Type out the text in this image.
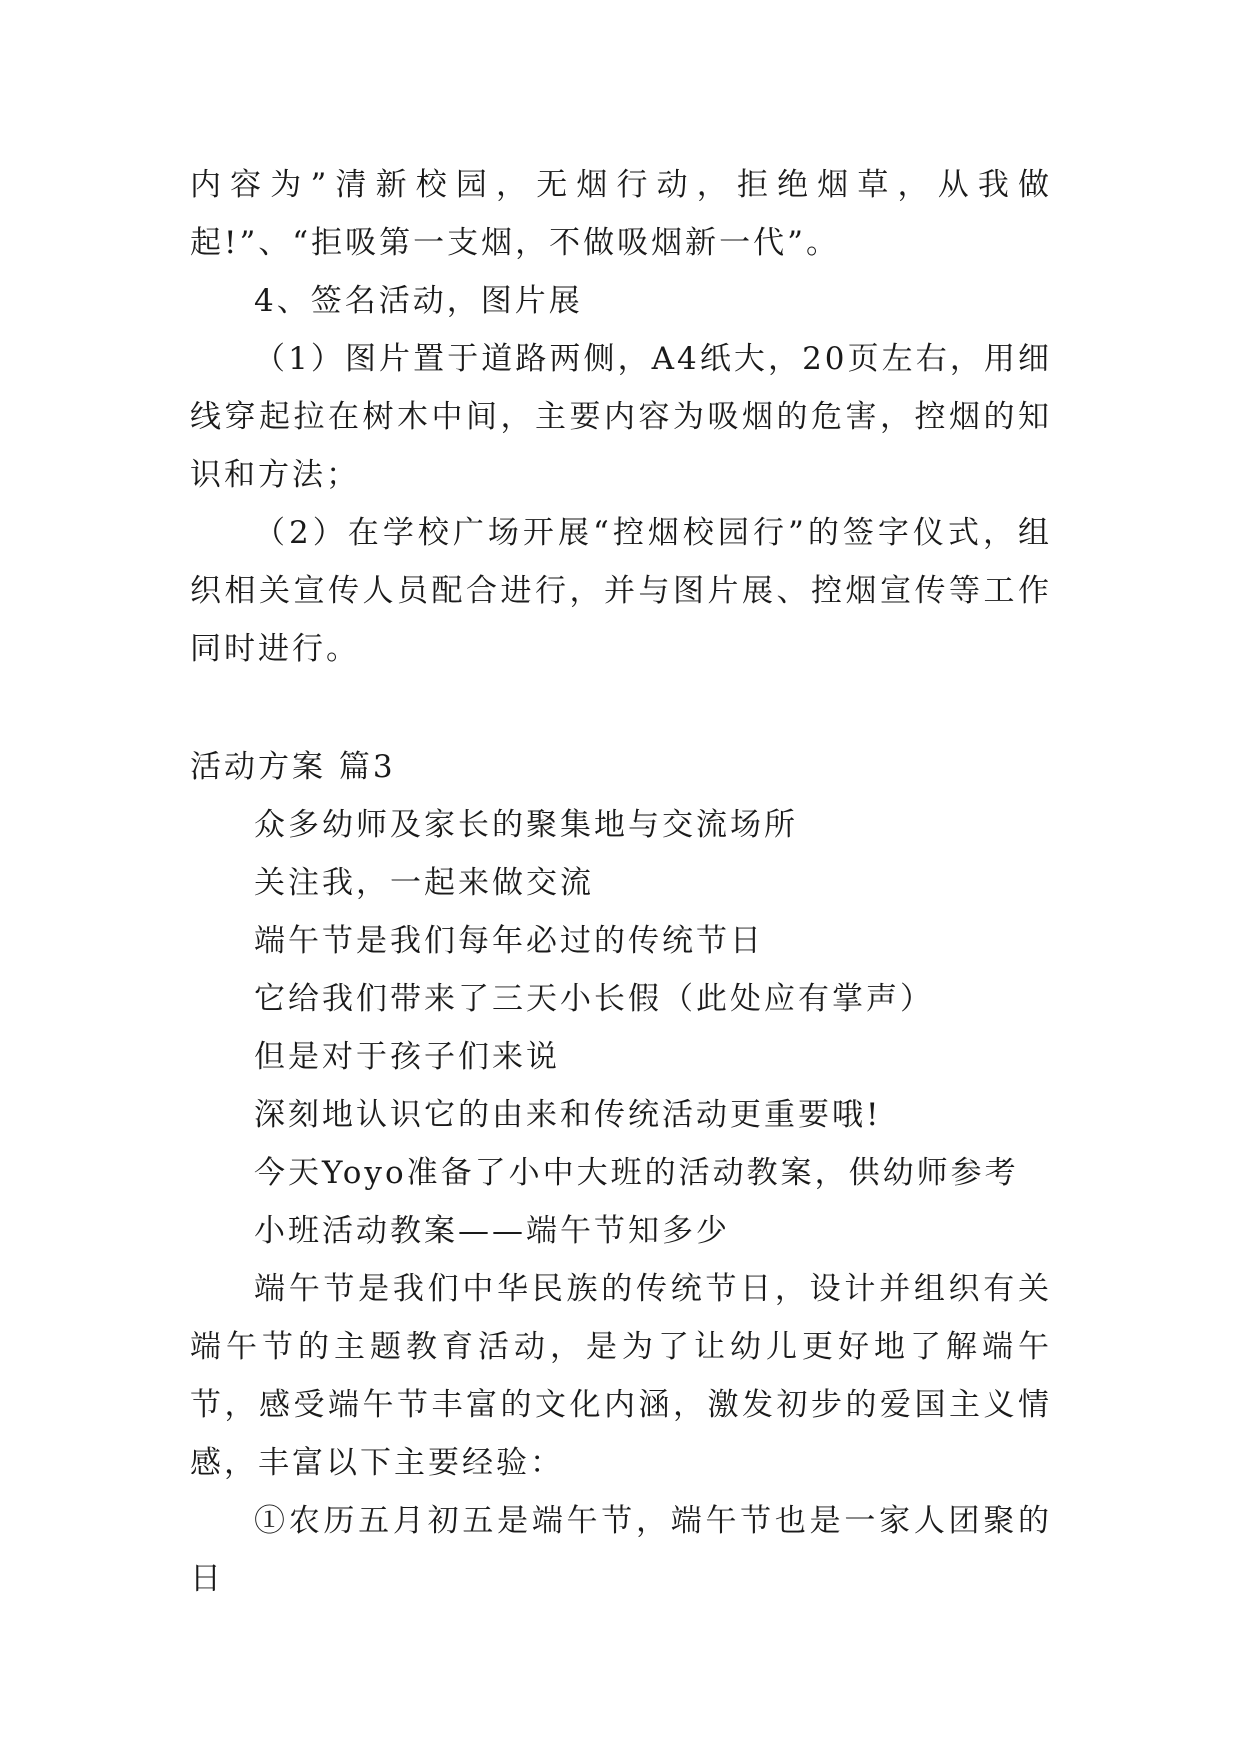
内容为”清新校园，无烟行动，拒绝烟草，从我做起!”、“拒吸第一支烟，不做吸烟新一代”。

4、签名活动，图片展

（1）图片置于道路两侧，A4纸大，20页左右，用细线穿起拉在树木中间，主要内容为吸烟的危害，控烟的知识和方法；

（2）在学校广场开展“控烟校园行”的签字仪式，组织相关宣传人员配合进行，并与图片展、控烟宣传等工作同时进行。

活动方案 篇3

众多幼师及家长的聚集地与交流场所

关注我，一起来做交流

端午节是我们每年必过的传统节日

它给我们带来了三天小长假（此处应有掌声）

但是对于孩子们来说

深刻地认识它的由来和传统活动更重要哦!

今天Yoyo准备了小中大班的活动教案，供幼师参考

小班活动教案——端午节知多少

端午节是我们中华民族的传统节日，设计并组织有关端午节的主题教育活动，是为了让幼儿更好地了解端午节，感受端午节丰富的文化内涵，激发初步的爱国主义情感，丰富以下主要经验：

①农历五月初五是端午节，端午节也是一家人团聚的日
